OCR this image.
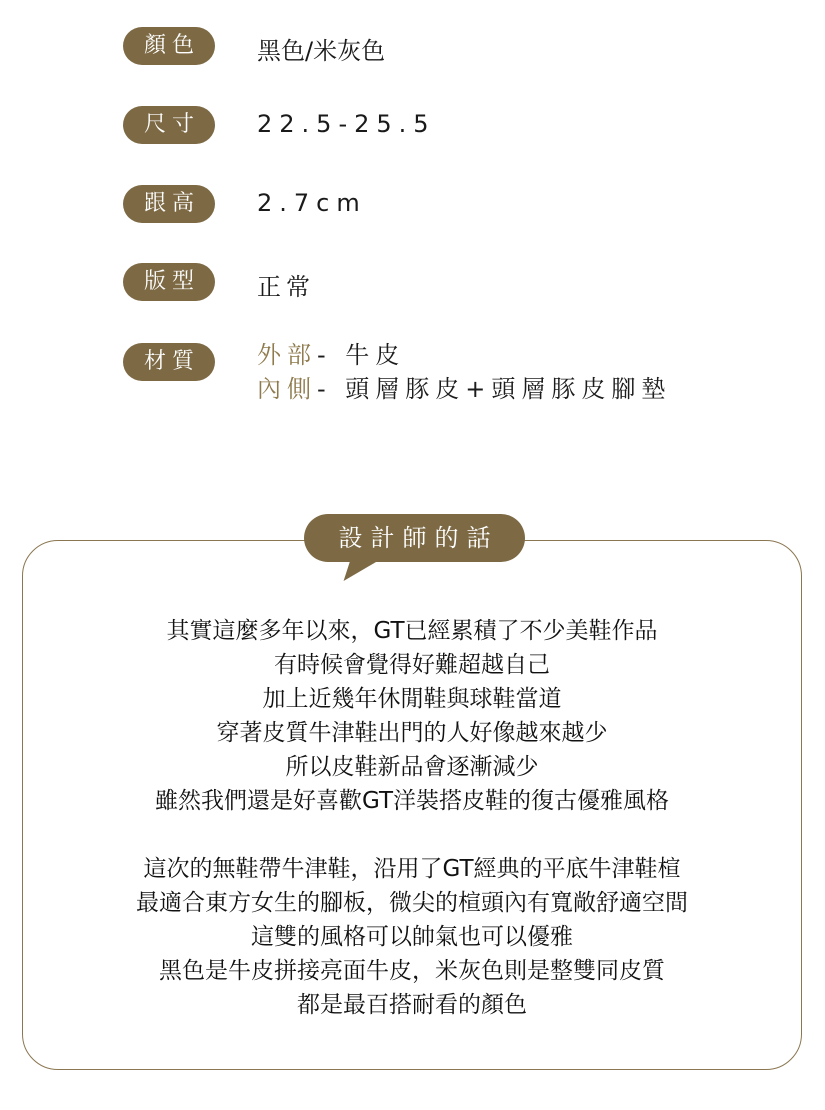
顏色	黑色/米灰色
尺寸	22.5-25.5
跟高	2.7cm
版型	正常
材質	外部- 牛皮
內側- 頭層豚皮+頭層豚皮腳墊
設計師的話
其實這麼多年以來，GT已經累積了不少美鞋作品
有時候會覺得好難超越自己
加上近幾年休閒鞋與球鞋當道
穿著皮質牛津鞋出門的人好像越來越少
所以皮鞋新品會逐漸減少
雖然我們還是好喜歡GT洋裝搭皮鞋的復古優雅風格
這次的無鞋帶牛津鞋，沿用了GT經典的平底牛津鞋楦
最適合東方女生的腳板，微尖的楦頭內有寬敞舒適空間
這雙的風格可以帥氣也可以優雅
黑色是牛皮拼接亮面牛皮，米灰色則是整雙同皮質
都是最百搭耐看的顏色
